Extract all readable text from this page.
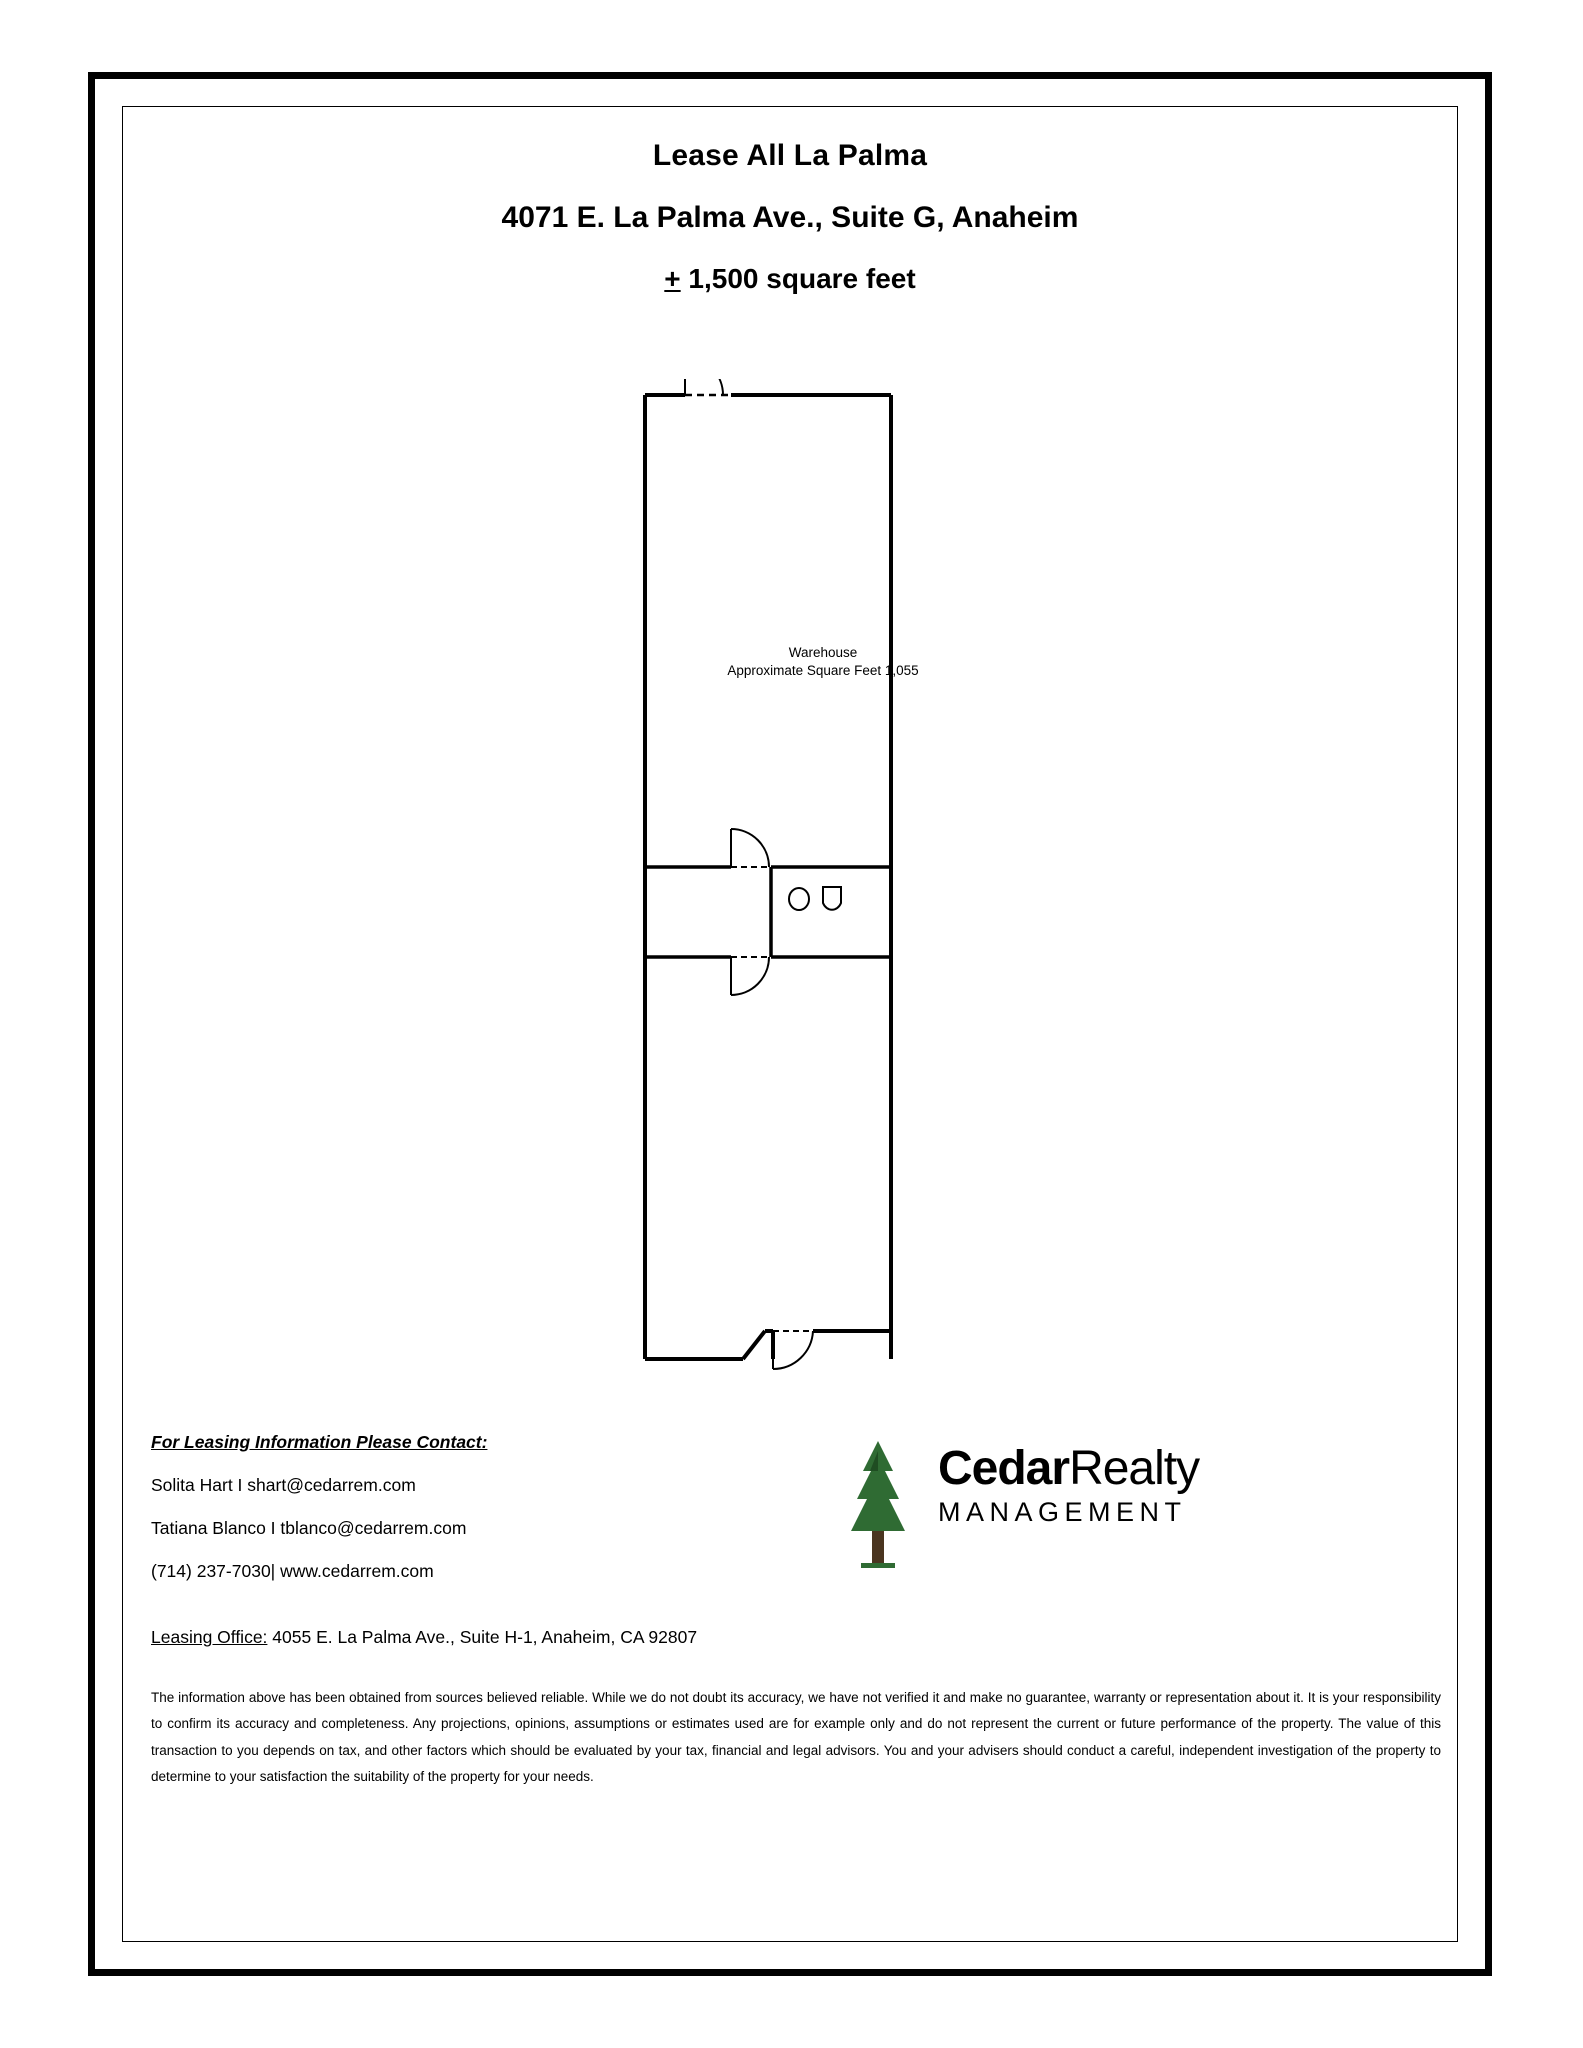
Lease All La Palma
4071 E. La Palma Ave., Suite G, Anaheim
+ 1,500 square feet
Warehouse
Approximate Square Feet 1,055
For Leasing Information Please Contact:
Solita Hart I shart@cedarrem.com
Tatiana Blanco I tblanco@cedarrem.com
(714) 237-7030| www.cedarrem.com
Leasing Office: 4055 E. La Palma Ave., Suite H-1, Anaheim, CA 92807
CedarRealty
MANAGEMENT
The information above has been obtained from sources believed reliable. While we do not doubt its accuracy, we have not verified it and make no guarantee, warranty or representation about it. It is your responsibility to confirm its accuracy and completeness. Any projections, opinions, assumptions or estimates used are for example only and do not represent the current or future performance of the property. The value of this transaction to you depends on tax, and other factors which should be evaluated by your tax, financial and legal advisors. You and your advisers should conduct a careful, independent investigation of the property to determine to your satisfaction the suitability of the property for your needs.
